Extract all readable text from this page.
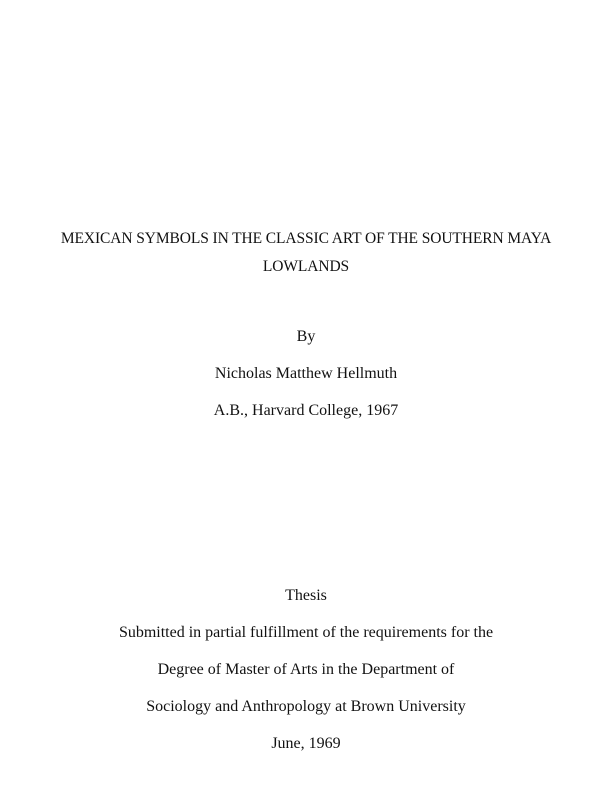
MEXICAN SYMBOLS IN THE CLASSIC ART OF THE SOUTHERN MAYA
LOWLANDS
By
Nicholas Matthew Hellmuth
A.B., Harvard College, 1967
Thesis
Submitted in partial fulfillment of the requirements for the
Degree of Master of Arts in the Department of
Sociology and Anthropology at Brown University
June, 1969
